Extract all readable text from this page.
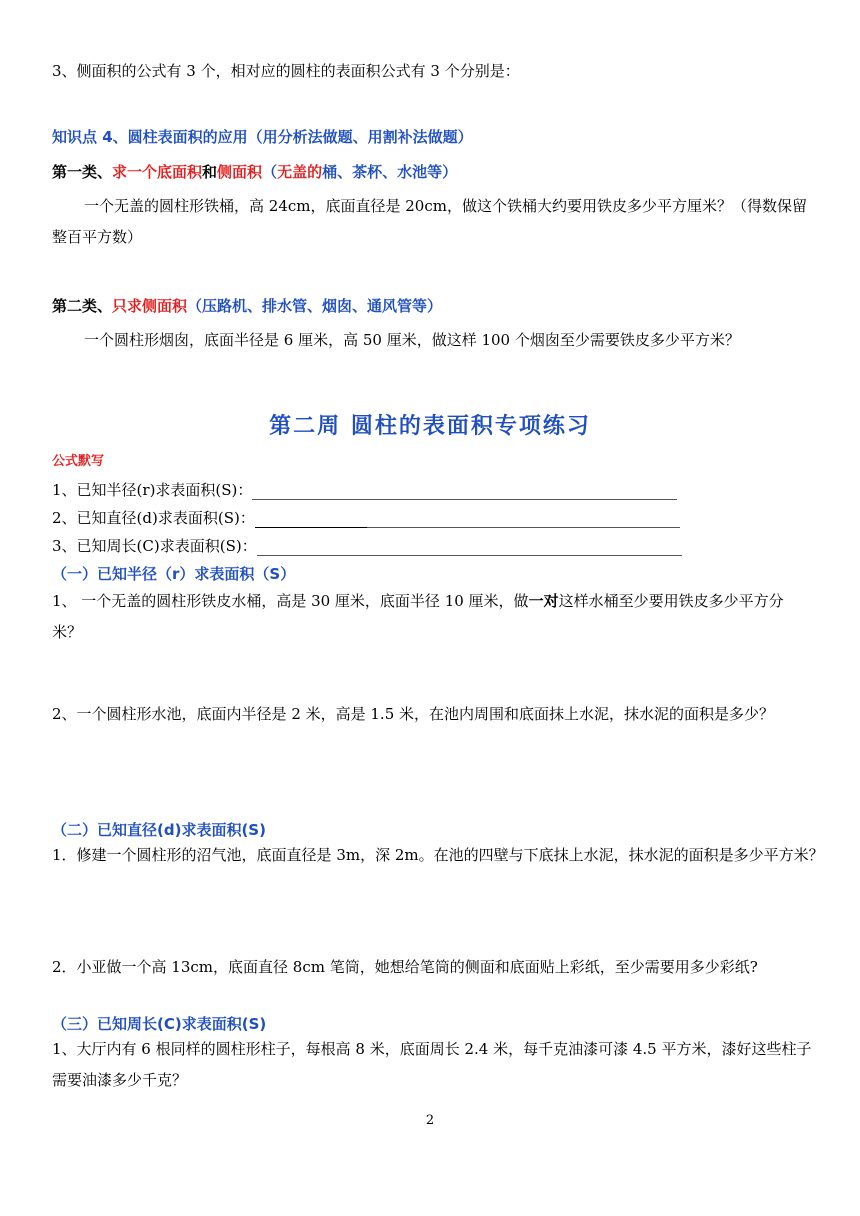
3、侧面积的公式有 3 个，相对应的圆柱的表面积公式有 3 个分别是：
知识点 4、圆柱表面积的应用（用分析法做题、用割补法做题）
第一类、求一个底面积和侧面积（无盖的桶、茶杯、水池等）
一个无盖的圆柱形铁桶，高 24cm，底面直径是 20cm，做这个铁桶大约要用铁皮多少平方厘米？（得数保留整百平方数）
第二类、只求侧面积（压路机、排水管、烟囱、通风管等）
一个圆柱形烟囱，底面半径是 6 厘米，高 50 厘米，做这样 100 个烟囱至少需要铁皮多少平方米？
第二周 圆柱的表面积专项练习
公式默写
1、已知半径(r)求表面积(S)：
2、已知直径(d)求表面积(S)：
3、已知周长(C)求表面积(S)：
（一）已知半径（r）求表面积（S）
1、 一个无盖的圆柱形铁皮水桶，高是 30 厘米，底面半径 10 厘米，做一对这样水桶至少要用铁皮多少平方分米？
2、一个圆柱形水池，底面内半径是 2 米，高是 1.5 米，在池内周围和底面抹上水泥，抹水泥的面积是多少？
（二）已知直径(d)求表面积(S)
1．修建一个圆柱形的沼气池，底面直径是 3m，深 2m。在池的四壁与下底抹上水泥，抹水泥的面积是多少平方米？
2．小亚做一个高 13cm，底面直径 8cm 笔筒，她想给笔筒的侧面和底面贴上彩纸，至少需要用多少彩纸?
（三）已知周长(C)求表面积(S)
1、大厅内有 6 根同样的圆柱形柱子，每根高 8 米，底面周长 2.4 米，每千克油漆可漆 4.5 平方米，漆好这些柱子需要油漆多少千克？
2
